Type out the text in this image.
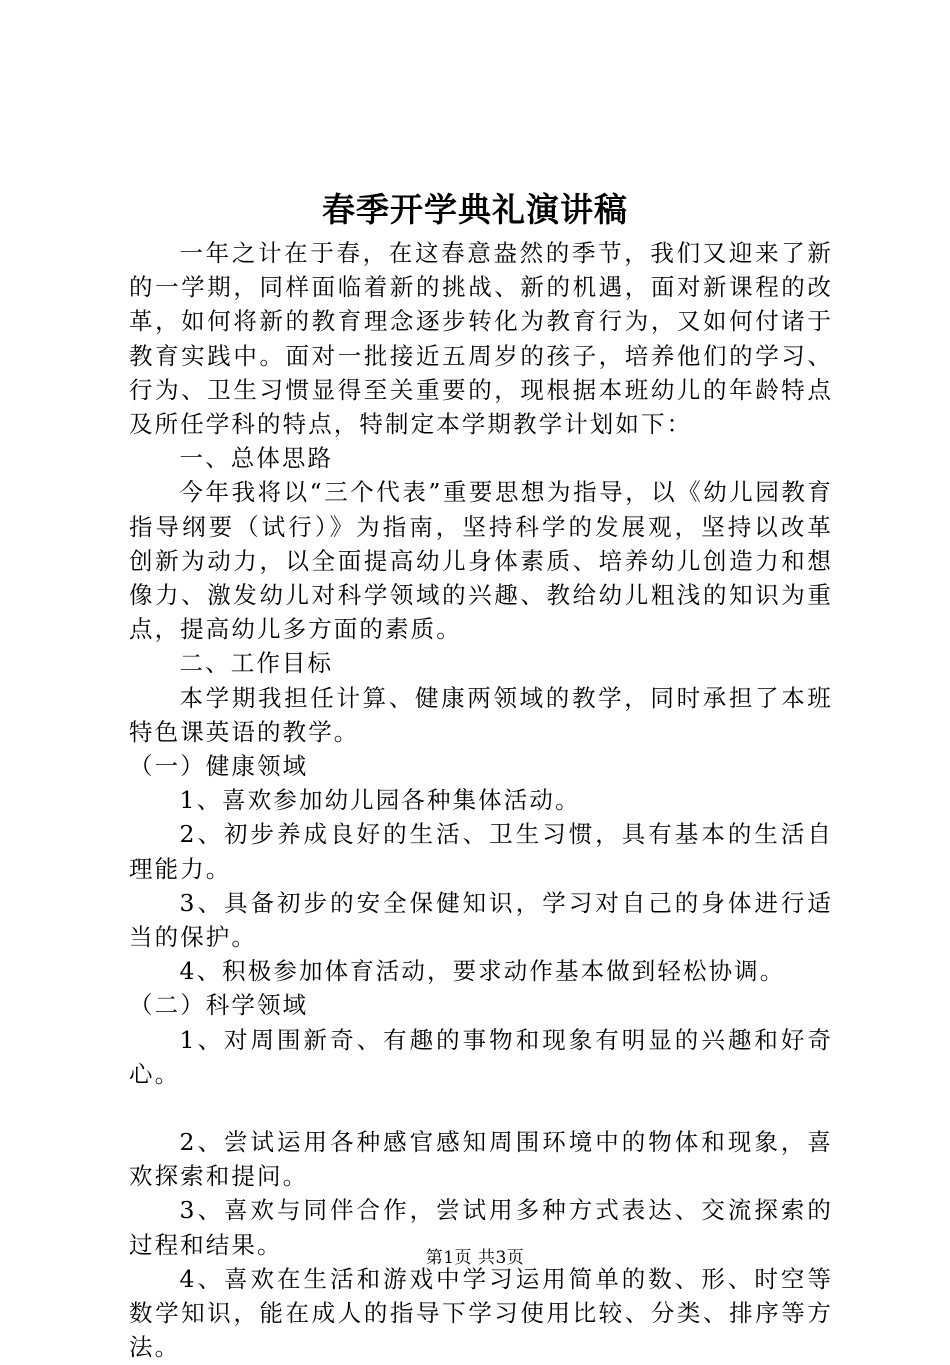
春季开学典礼演讲稿

一年之计在于春，在这春意盎然的季节，我们又迎来了新的一学期，同样面临着新的挑战、新的机遇，面对新课程的改革，如何将新的教育理念逐步转化为教育行为，又如何付诸于教育实践中。面对一批接近五周岁的孩子，培养他们的学习、行为、卫生习惯显得至关重要的，现根据本班幼儿的年龄特点及所任学科的特点，特制定本学期教学计划如下：

一、总体思路

今年我将以“三个代表”重要思想为指导，以《幼儿园教育指导纲要（试行）》为指南，坚持科学的发展观，坚持以改革创新为动力，以全面提高幼儿身体素质、培养幼儿创造力和想像力、激发幼儿对科学领域的兴趣、教给幼儿粗浅的知识为重点，提高幼儿多方面的素质。

二、工作目标

本学期我担任计算、健康两领域的教学，同时承担了本班特色课英语的教学。

（一）健康领域

1、喜欢参加幼儿园各种集体活动。

2、初步养成良好的生活、卫生习惯，具有基本的生活自理能力。

3、具备初步的安全保健知识，学习对自己的身体进行适当的保护。

4、积极参加体育活动，要求动作基本做到轻松协调。

（二）科学领域

1、对周围新奇、有趣的事物和现象有明显的兴趣和好奇心。

2、尝试运用各种感官感知周围环境中的物体和现象，喜欢探索和提问。

3、喜欢与同伴合作，尝试用多种方式表达、交流探索的过程和结果。

4、喜欢在生活和游戏中学习运用简单的数、形、时空等数学知识，能在成人的指导下学习使用比较、分类、排序等方法。

第1页 共3页
